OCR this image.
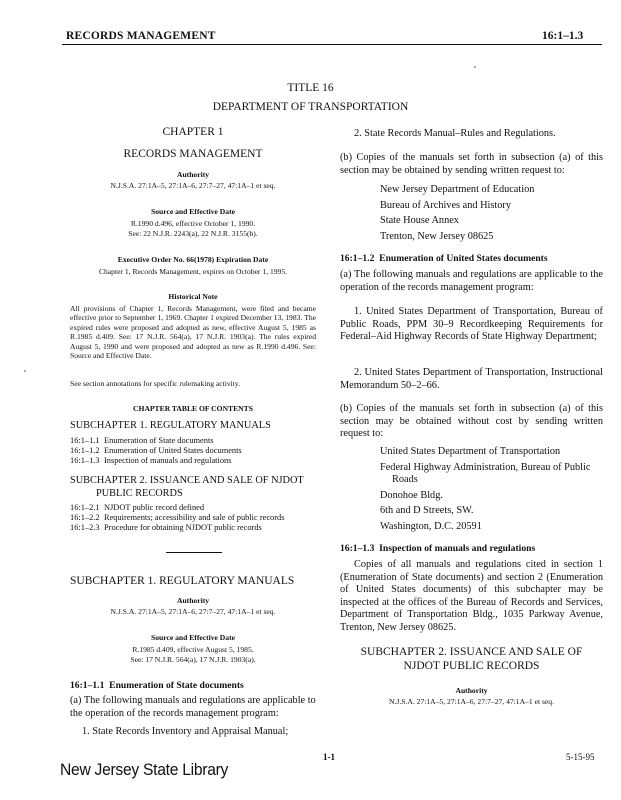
RECORDS MANAGEMENT	16:1–1.3
TITLE 16
DEPARTMENT OF TRANSPORTATION
CHAPTER 1
RECORDS MANAGEMENT
Authority
N.J.S.A. 27:1A–5, 27:1A–6, 27:7–27, 47:1A–1 et seq.
Source and Effective Date
R.1990 d.496, effective October 1, 1990.
See: 22 N.J.R. 2243(a), 22 N.J.R. 3155(b).
Executive Order No. 66(1978) Expiration Date
Chapter 1, Records Management, expires on October 1, 1995.
Historical Note
All provisions of Chapter 1, Records Management, were filed and became effective prior to September 1, 1969. Chapter 1 expired December 13, 1983. The expired rules were proposed and adopted as new, effective August 5, 1985 as R.1985 d.409. See: 17 N.J.R. 564(a), 17 N.J.R. 1903(a). The rules expired August 5, 1990 and were proposed and adopted as new as R.1990 d.496. See: Source and Effective Date.
See section annotations for specific rulemaking activity.
CHAPTER TABLE OF CONTENTS
SUBCHAPTER 1. REGULATORY MANUALS
16:1–1.1 Enumeration of State documents
16:1–1.2 Enumeration of United States documents
16:1–1.3 Inspection of manuals and regulations
SUBCHAPTER 2. ISSUANCE AND SALE OF NJDOT
PUBLIC RECORDS
16:1–2.1 NJDOT public record defined
16:1–2.2 Requirements; accessibility and sale of public records
16:1–2.3 Procedure for obtaining NJDOT public records
SUBCHAPTER 1. REGULATORY MANUALS
Authority
N.J.S.A. 27:1A–5, 27:1A–6, 27:7–27, 47:1A–1 et seq.
Source and Effective Date
R.1985 d.409, effective August 5, 1985.
See: 17 N.J.R. 564(a), 17 N.J.R. 1903(a).
16:1–1.1 Enumeration of State documents
(a) The following manuals and regulations are applicable to the operation of the records management program:
1. State Records Inventory and Appraisal Manual;
2. State Records Manual–Rules and Regulations.
(b) Copies of the manuals set forth in subsection (a) of this section may be obtained by sending written request to:
New Jersey Department of Education
Bureau of Archives and History
State House Annex
Trenton, New Jersey 08625
16:1–1.2 Enumeration of United States documents
(a) The following manuals and regulations are applicable to the operation of the records management program:
1. United States Department of Transportation, Bureau of Public Roads, PPM 30–9 Recordkeeping Requirements for Federal–Aid Highway Records of State Highway Department;
2. United States Department of Transportation, Instructional Memorandum 50–2–66.
(b) Copies of the manuals set forth in subsection (a) of this section may be obtained without cost by sending written request to:
United States Department of Transportation
Federal Highway Administration, Bureau of Public
Roads
Donohoe Bldg.
6th and D Streets, SW.
Washington, D.C. 20591
16:1–1.3 Inspection of manuals and regulations
Copies of all manuals and regulations cited in section 1 (Enumeration of State documents) and section 2 (Enumeration of United States documents) of this subchapter may be inspected at the offices of the Bureau of Records and Services, Department of Transportation Bldg., 1035 Parkway Avenue, Trenton, New Jersey 08625.
SUBCHAPTER 2. ISSUANCE AND SALE OF
NJDOT PUBLIC RECORDS
Authority
N.J.S.A. 27:1A–5, 27:1A–6, 27:7–27, 47:1A–1 et seq.
New Jersey State Library
1-1	5-15-95
